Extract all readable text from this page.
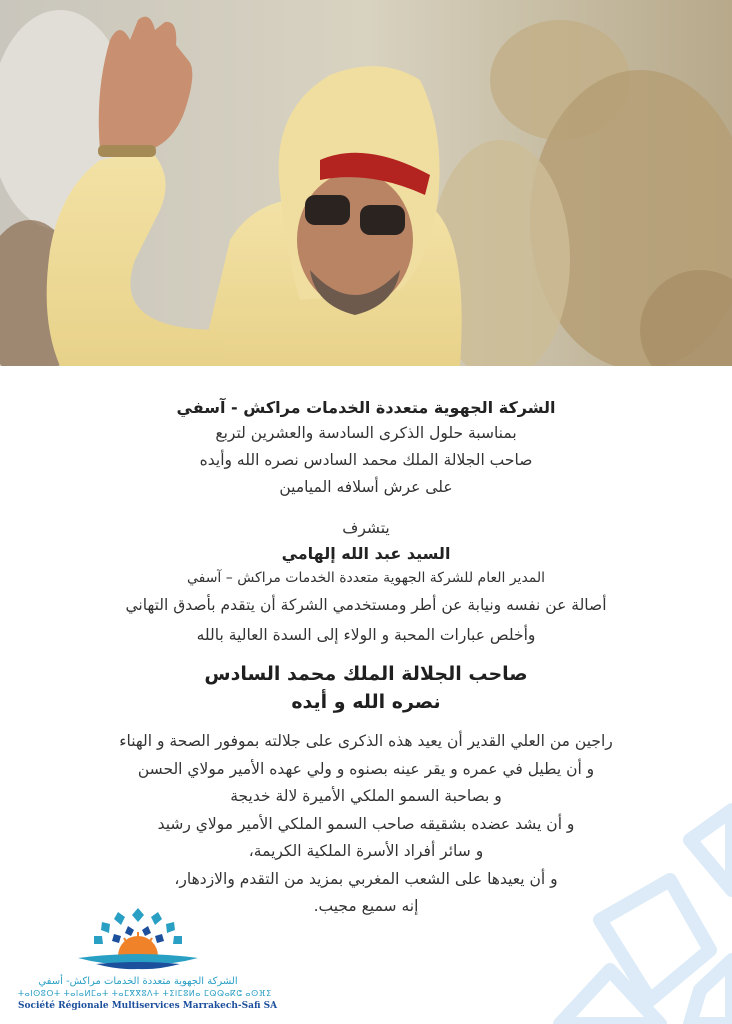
الشركة الجهوية متعددة الخدمات مراكش - آسفي
بمناسبة حلول الذكرى السادسة والعشرين لتربع
صاحب الجلالة الملك محمد السادس نصره الله وأيده
على عرش أسلافه الميامين
يتشرف
السيد عبد الله إلهامي
المدير العام للشركة الجهوية متعددة الخدمات مراكش – آسفي
أصالة عن نفسه ونيابة عن أطر ومستخدمي الشركة أن يتقدم بأصدق التهاني
وأخلص عبارات المحبة و الولاء إلى السدة العالية بالله
صاحب الجلالة الملك محمد السادس
نصره الله و أيده
راجين من العلي القدير أن يعيد هذه الذكرى على جلالته بموفور الصحة و الهناء
و أن يطيل في عمره و يقر عينه بصنوه و ولي عهده الأمير مولاي الحسن
و بصاحبة السمو الملكي الأميرة لالة خديجة
و أن يشد عضده بشقيقه صاحب السمو الملكي الأمير مولاي رشيد
و سائر أفراد الأسرة الملكية الكريمة،
و أن يعيدها على الشعب المغربي بمزيد من التقدم والازدهار،
إنه سميع مجيب.
الشركة الجهوية متعددة الخدمات مراكش- أسفي
ⵜⴰⵏⵙⵓⵔⵜ ⵜⴰⵏⴰⵍⵎⴰⵜ ⵜⴰⵎⴳⴳⵓⴷⵜ ⵜⵉⵏⵎⵓⵍⴰ ⵎⵕⵕⴰⴽⵛ ⴰⵙⴼⵉ
Société Régionale Multiservices Marrakech-Safi SA
